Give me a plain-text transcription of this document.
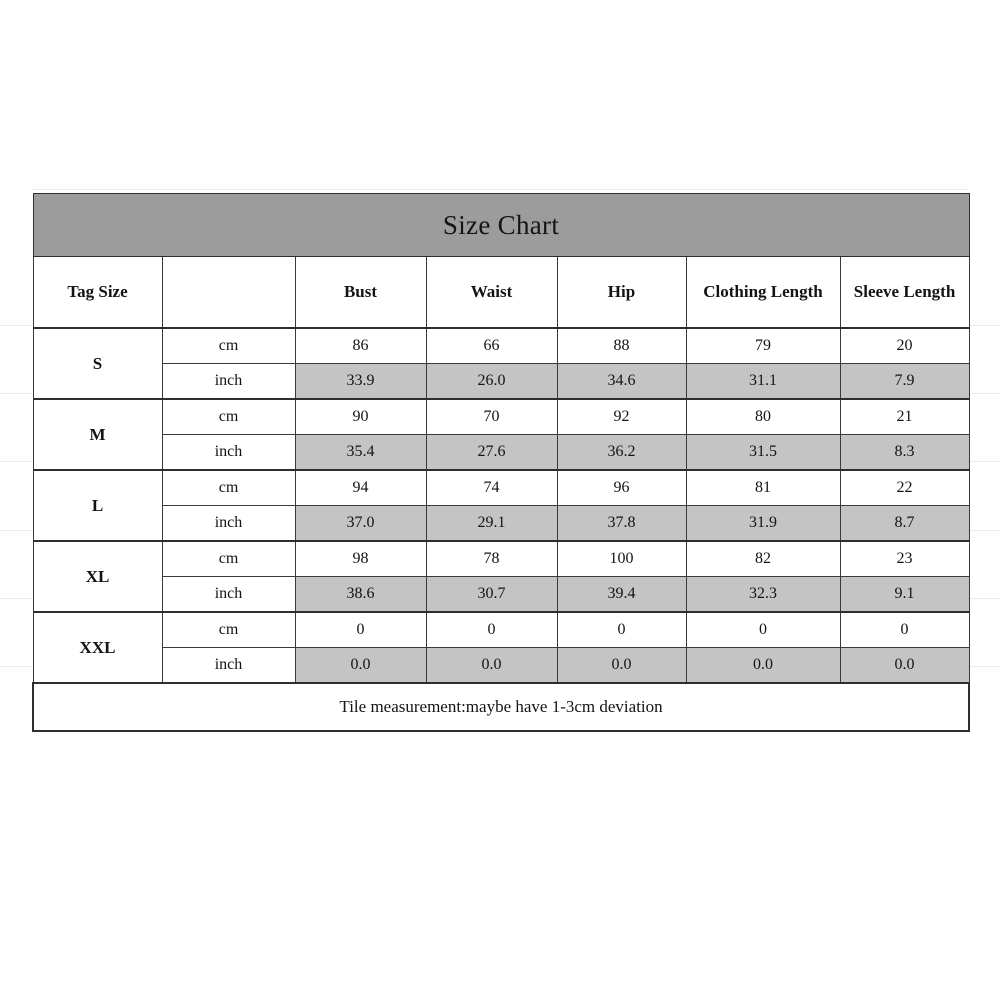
Size Chart						
Tag Size		Bust	Waist	Hip	Clothing Length	Sleeve Length
S	cm	86	66	88	79	20
	inch	33.9	26.0	34.6	31.1	7.9
M	cm	90	70	92	80	21
	inch	35.4	27.6	36.2	31.5	8.3
L	cm	94	74	96	81	22
	inch	37.0	29.1	37.8	31.9	8.7
XL	cm	98	78	100	82	23
	inch	38.6	30.7	39.4	32.3	9.1
XXL	cm	0	0	0	0	0
	inch	0.0	0.0	0.0	0.0	0.0
Tile measurement:maybe have 1-3cm deviation						
